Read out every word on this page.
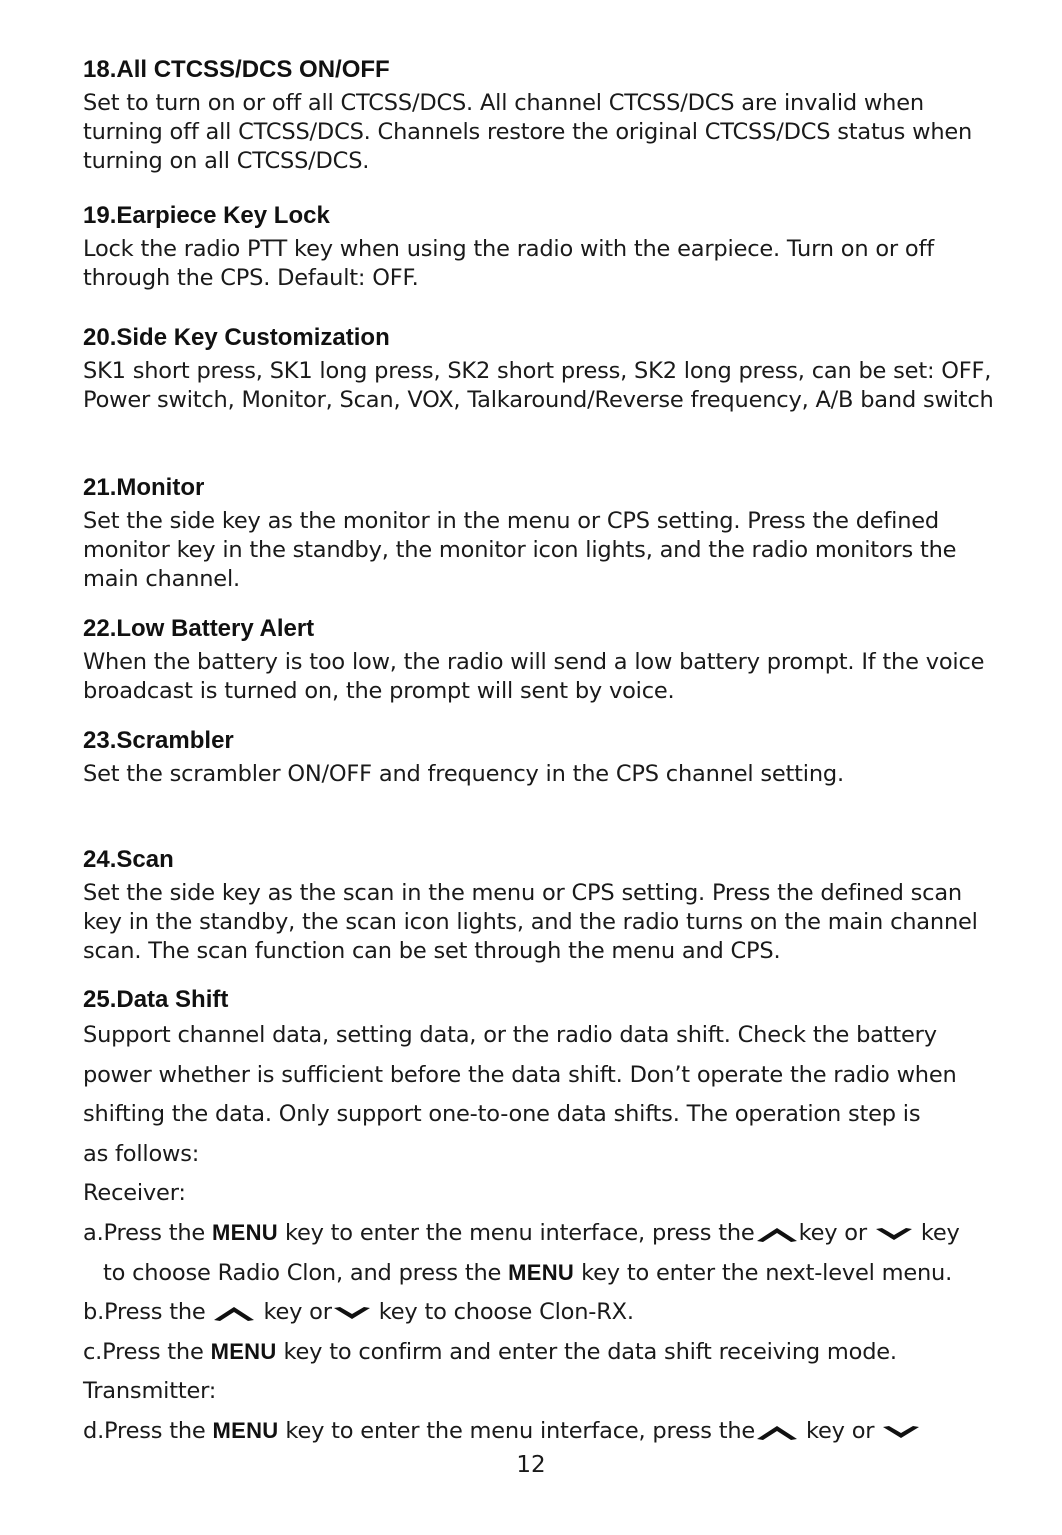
18.All CTCSS/DCS ON/OFF

Set to turn on or off all CTCSS/DCS. All channel CTCSS/DCS are invalid when turning off all CTCSS/DCS. Channels restore the original CTCSS/DCS status when turning on all CTCSS/DCS.

19.Earpiece Key Lock

Lock the radio PTT key when using the radio with the earpiece. Turn on or off through the CPS. Default: OFF.

20.Side Key Customization

SK1 short press, SK1 long press, SK2 short press, SK2 long press, can be set: OFF, Power switch, Monitor, Scan, VOX, Talkaround/Reverse frequency, A/B band switch

21.Monitor

Set the side key as the monitor in the menu or CPS setting. Press the defined monitor key in the standby, the monitor icon lights, and the radio monitors the main channel.

22.Low Battery Alert

When the battery is too low, the radio will send a low battery prompt. If the voice broadcast is turned on, the prompt will sent by voice.

23.Scrambler

Set the scrambler ON/OFF and frequency in the CPS channel setting.

24.Scan

Set the side key as the scan in the menu or CPS setting. Press the defined scan key in the standby, the scan icon lights, and the radio turns on the main channel scan. The scan function can be set through the menu and CPS.

25.Data Shift
Support channel data, setting data, or the radio data shift. Check the battery
power whether is sufficient before the data shift. Don’t operate the radio when
shifting the data. Only support one-to-one data shifts. The operation step is
as follows:
Receiver:
a.Press the MENU key to enter the menu interface, press the key or key
to choose Radio Clon, and press the MENU key to enter the next-level menu.
b.Press the	key or key to choose Clon-RX.
c.Press the MENU key to confirm and enter the data shift receiving mode.
Transmitter:
d.Press the MENU key to enter the menu interface, press the key or
12
